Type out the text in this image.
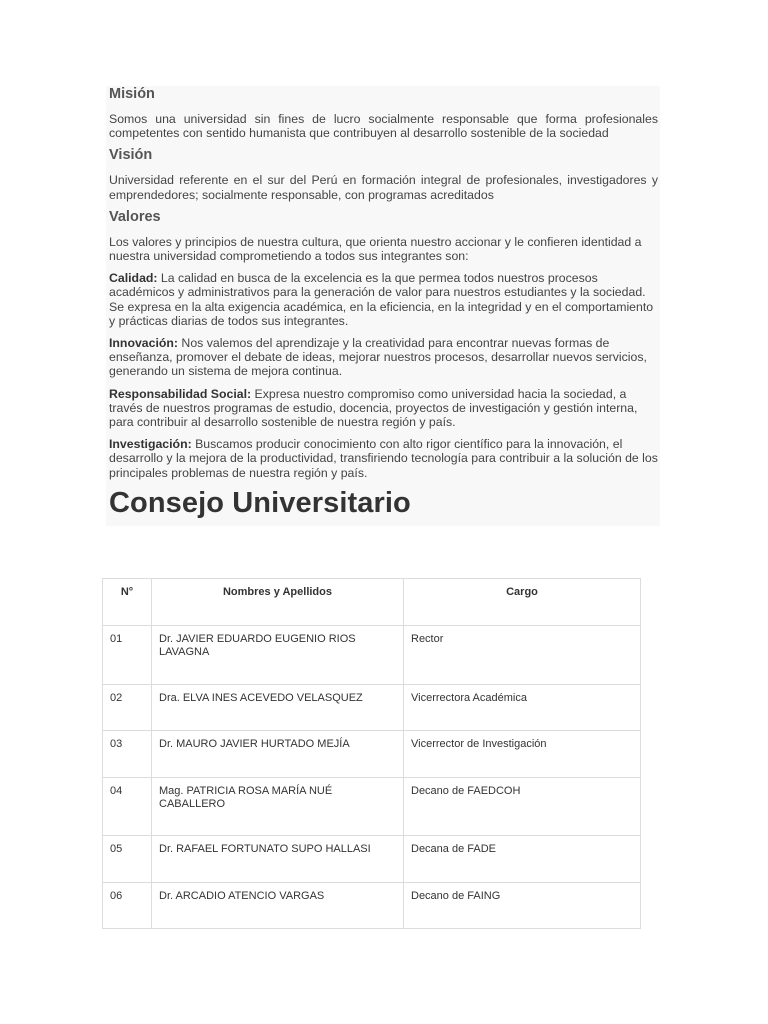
Misión

Somos una universidad sin fines de lucro socialmente responsable que forma profesionales competentes con sentido humanista que contribuyen al desarrollo sostenible de la sociedad

Visión

Universidad referente en el sur del Perú en formación integral de profesionales, investigadores y emprendedores; socialmente responsable, con programas acreditados

Valores

Los valores y principios de nuestra cultura, que orienta nuestro accionar y le confieren identidad a nuestra universidad comprometiendo a todos sus integrantes son:

Calidad: La calidad en busca de la excelencia es la que permea todos nuestros procesos académicos y administrativos para la generación de valor para nuestros estudiantes y la sociedad. Se expresa en la alta exigencia académica, en la eficiencia, en la integridad y en el comportamiento y prácticas diarias de todos sus integrantes.

Innovación: Nos valemos del aprendizaje y la creatividad para encontrar nuevas formas de enseñanza, promover el debate de ideas, mejorar nuestros procesos, desarrollar nuevos servicios, generando un sistema de mejora continua.

Responsabilidad Social: Expresa nuestro compromiso como universidad hacia la sociedad, a través de nuestros programas de estudio, docencia, proyectos de investigación y gestión interna, para contribuir al desarrollo sostenible de nuestra región y país.

Investigación: Buscamos producir conocimiento con alto rigor científico para la innovación, el desarrollo y la mejora de la productividad, transfiriendo tecnología para contribuir a la solución de los principales problemas de nuestra región y país.

Consejo Universitario
N°	Nombres y Apellidos	Cargo
01	Dr. JAVIER EDUARDO EUGENIO RIOS LAVAGNA	Rector
02	Dra. ELVA INES ACEVEDO VELASQUEZ	Vicerrectora Académica
03	Dr. MAURO JAVIER HURTADO MEJÍA	Vicerrector de Investigación
04	Mag. PATRICIA ROSA MARÍA NUÉ CABALLERO	Decano de FAEDCOH
05	Dr. RAFAEL FORTUNATO SUPO HALLASI	Decana de FADE
06	Dr. ARCADIO ATENCIO VARGAS	Decano de FAING
